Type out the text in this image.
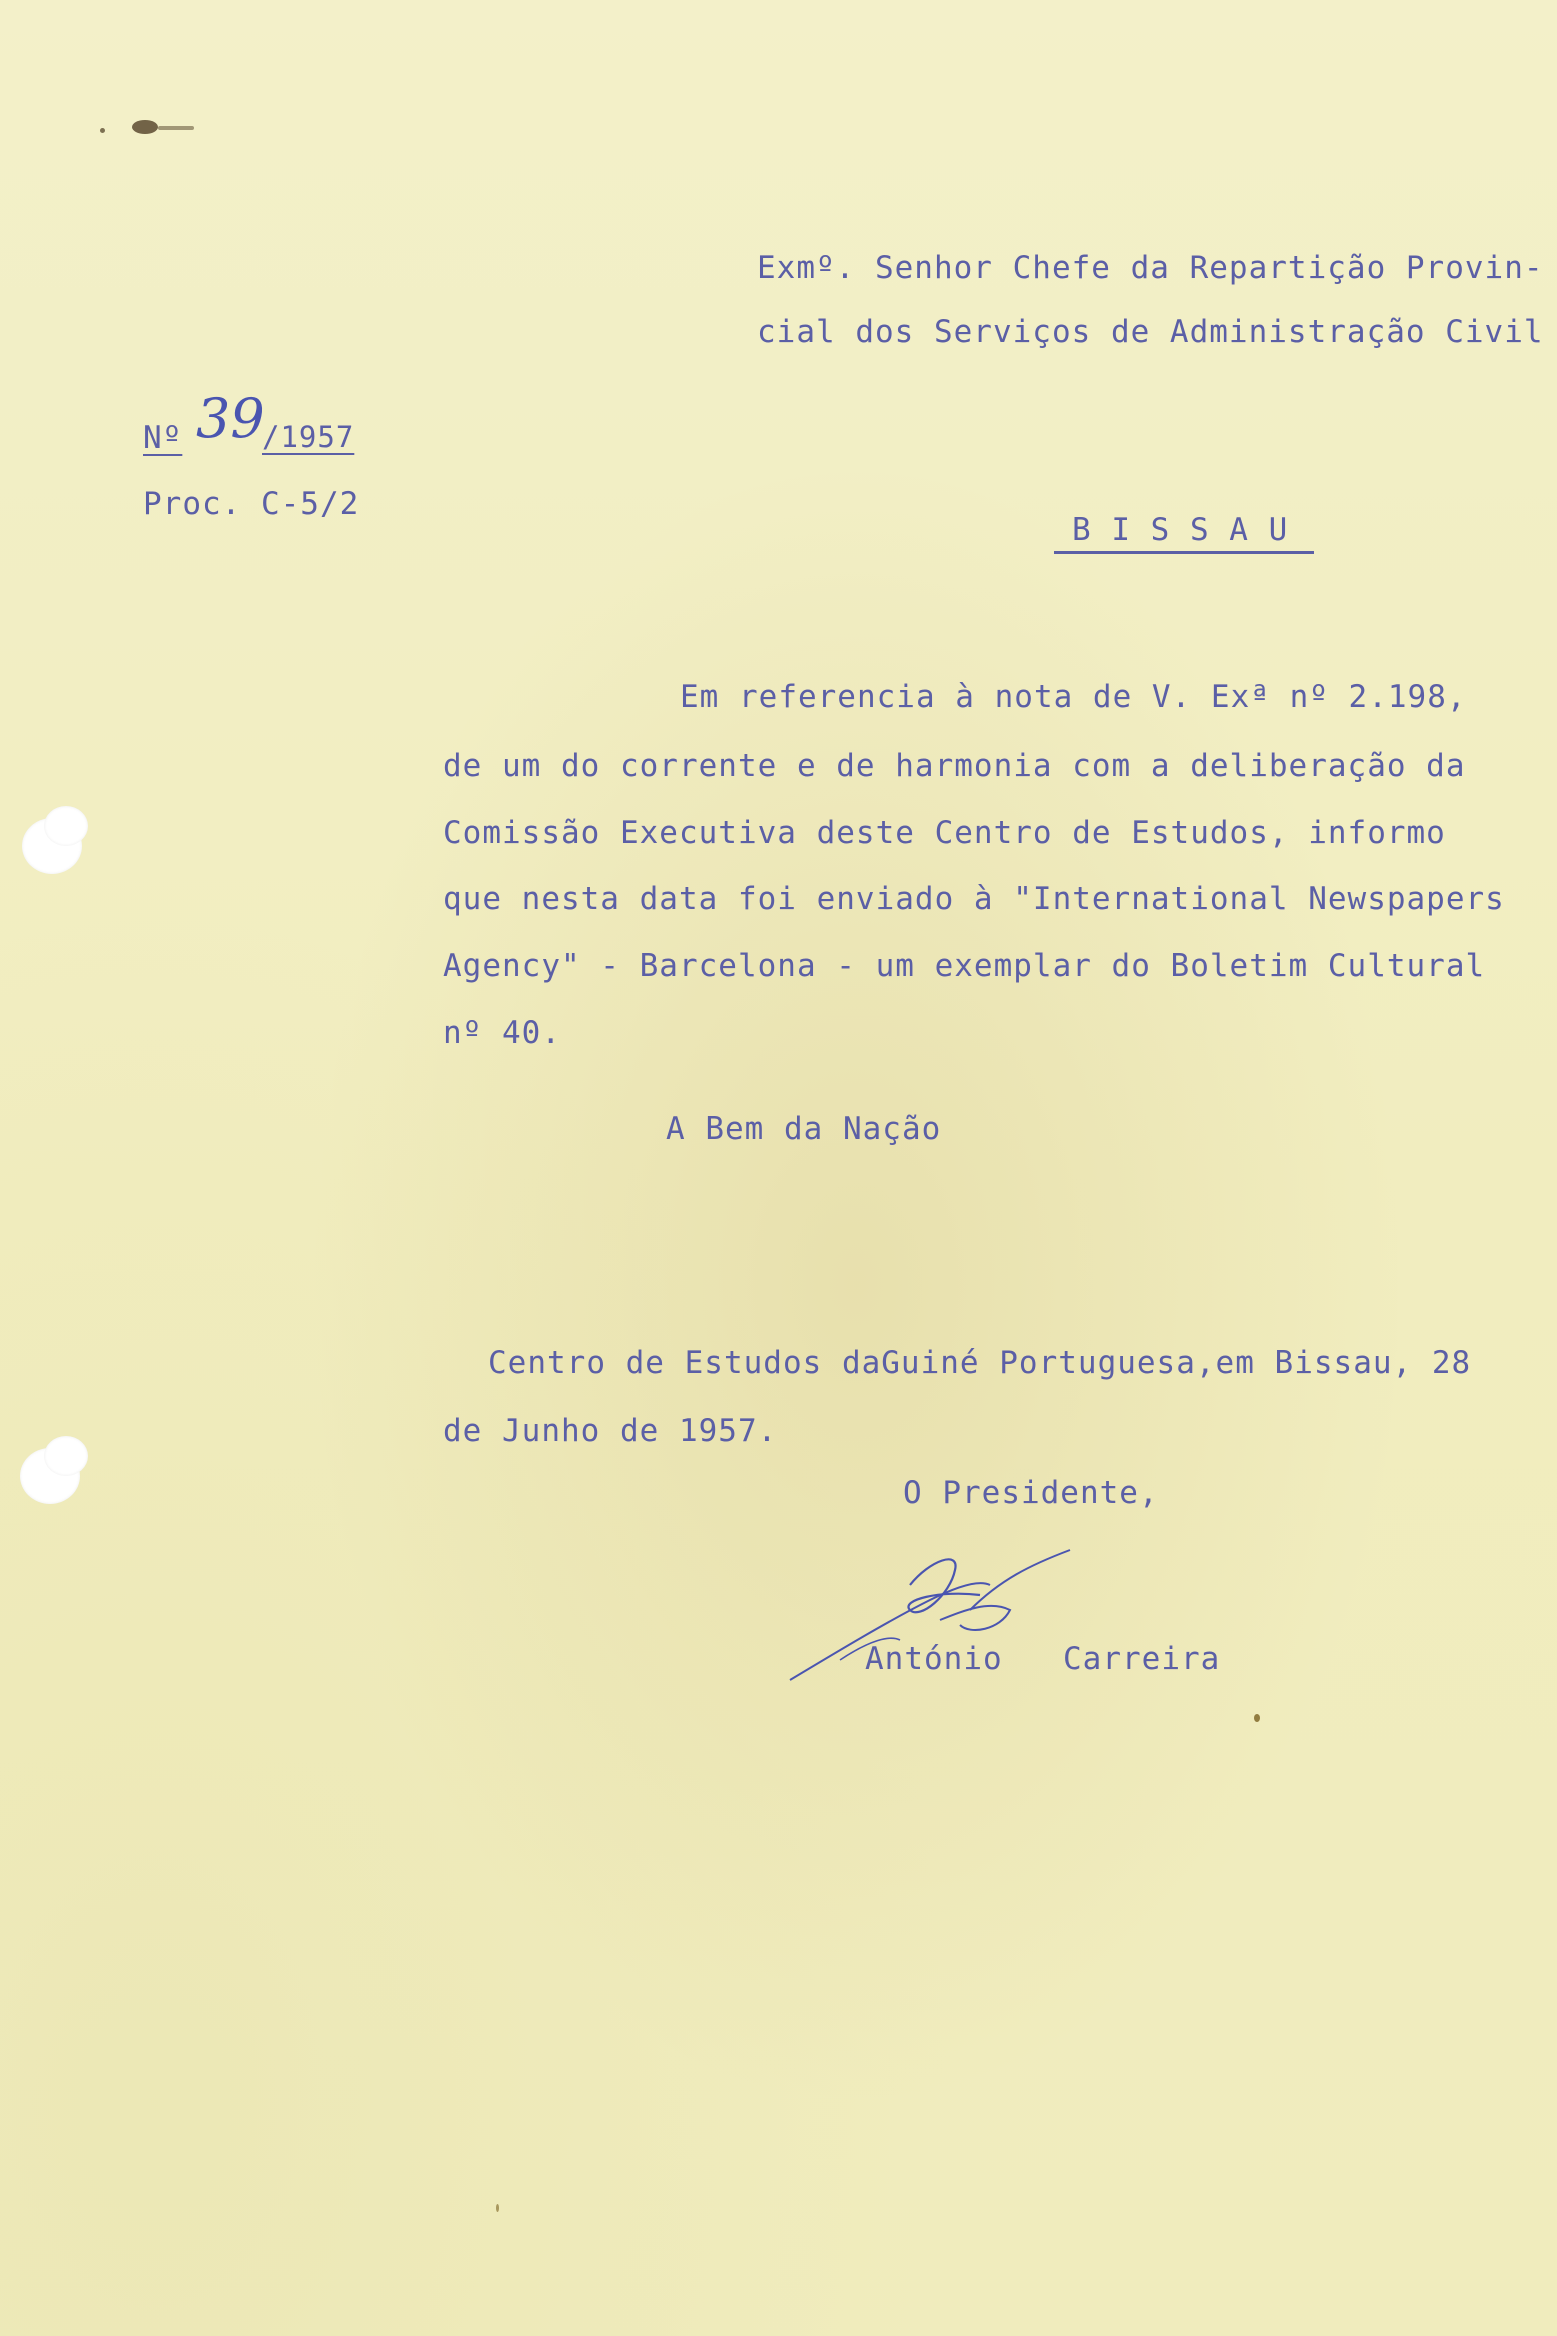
Exmº. Senhor Chefe da Repartição Provin-
cial dos Serviços de Administração Civil
Nº 39
/1957
Proc. C-5/2
B I S S A U
Em referencia à nota de V. Exª nº 2.198,
de um do corrente e de harmonia com a deliberação da
Comissão Executiva deste Centro de Estudos, informo
que nesta data foi enviado à "International Newspapers
Agency" - Barcelona - um exemplar do Boletim Cultural
nº 40.
A Bem da Nação
Centro de Estudos daGuiné Portuguesa,em Bissau, 28
de Junho de 1957.
O Presidente,
António Carreira
